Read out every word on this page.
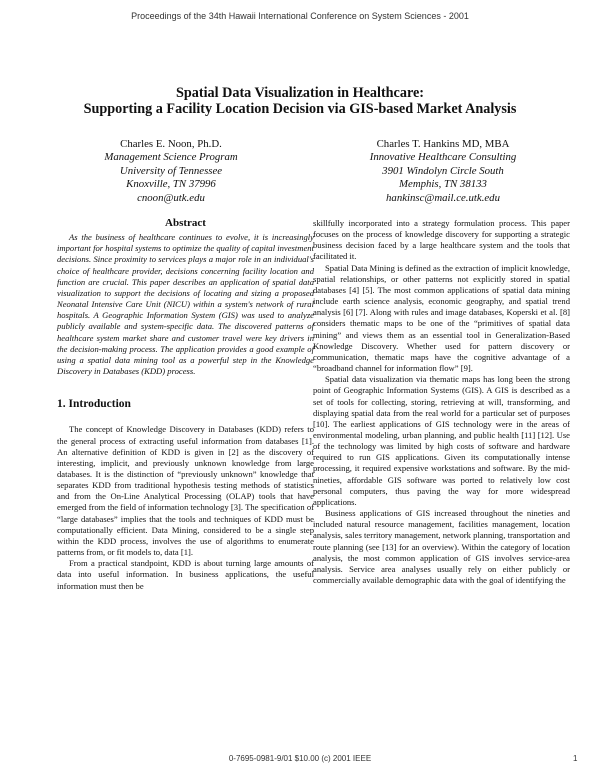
Proceedings of the 34th Hawaii International Conference on System Sciences - 2001
Spatial Data Visualization in Healthcare:
Supporting a Facility Location Decision via GIS-based Market Analysis
Charles E. Noon, Ph.D.
Management Science Program
University of Tennessee
Knoxville, TN 37996
cnoon@utk.edu
Charles T. Hankins MD, MBA
Innovative Healthcare Consulting
3901 Windolyn Circle South
Memphis, TN 38133
hankinsc@mail.ce.utk.edu
Abstract

As the business of healthcare continues to evolve, it is increasingly important for hospital systems to optimize the quality of capital investment decisions. Since proximity to services plays a major role in an individual's choice of healthcare provider, decisions concerning facility location and function are crucial. This paper describes an application of spatial data visualization to support the decisions of locating and sizing a proposed Neonatal Intensive Care Unit (NICU) within a system's network of rural hospitals. A Geographic Information System (GIS) was used to analyze publicly available and system-specific data. The discovered patterns of healthcare system market share and customer travel were key drivers in the decision-making process. The application provides a good example of using a spatial data mining tool as a powerful step in the Knowledge Discovery in Databases (KDD) process.

1. Introduction

The concept of Knowledge Discovery in Databases (KDD) refers to the general process of extracting useful information from databases [1]. An alternative definition of KDD is given in [2] as the discovery of interesting, implicit, and previously unknown knowledge from large databases. It is the distinction of “previously unknown” knowledge that separates KDD from traditional hypothesis testing methods of statistics and from the On-Line Analytical Processing (OLAP) tools that have emerged from the field of information technology [3]. The specification of “large databases” implies that the tools and techniques of KDD must be computationally efficient. Data Mining, considered to be a single step within the KDD process, involves the use of algorithms to enumerate patterns from, or fit models to, data [1].

From a practical standpoint, KDD is about turning large amounts of data into useful information. In business applications, the useful information must then be

skillfully incorporated into a strategy formulation process. This paper focuses on the process of knowledge discovery for supporting a strategic business decision faced by a large healthcare system and the tools that facilitated it.

Spatial Data Mining is defined as the extraction of implicit knowledge, spatial relationships, or other patterns not explicitly stored in spatial databases [4] [5]. The most common applications of spatial data mining include earth science analysis, economic geography, and spatial trend analysis [6] [7]. Along with rules and image databases, Koperski et al. [8] considers thematic maps to be one of the “primitives of spatial data mining” and views them as an essential tool in Generalization-Based Knowledge Discovery. Whether used for pattern discovery or communication, thematic maps have the cognitive advantage of a “broadband channel for information flow” [9].

Spatial data visualization via thematic maps has long been the strong point of Geographic Information Systems (GIS). A GIS is described as a set of tools for collecting, storing, retrieving at will, transforming, and displaying spatial data from the real world for a particular set of purposes [10]. The earliest applications of GIS technology were in the areas of environmental modeling, urban planning, and public health [11] [12]. Use of the technology was limited by high costs of software and hardware required to run GIS applications. Given its computationally intense processing, it required expensive workstations and software. By the mid-nineties, affordable GIS software was ported to relatively low cost personal computers, thus paving the way for more widespread applications.

Business applications of GIS increased throughout the nineties and included natural resource management, facilities management, location analysis, sales territory management, network planning, transportation and route planning (see [13] for an overview). Within the category of location analysis, the most common application of GIS involves service-area analysis. Service area analyses usually rely on either publicly or commercially available demographic data with the goal of identifying the

0-7695-0981-9/01 $10.00 (c) 2001 IEEE	1
